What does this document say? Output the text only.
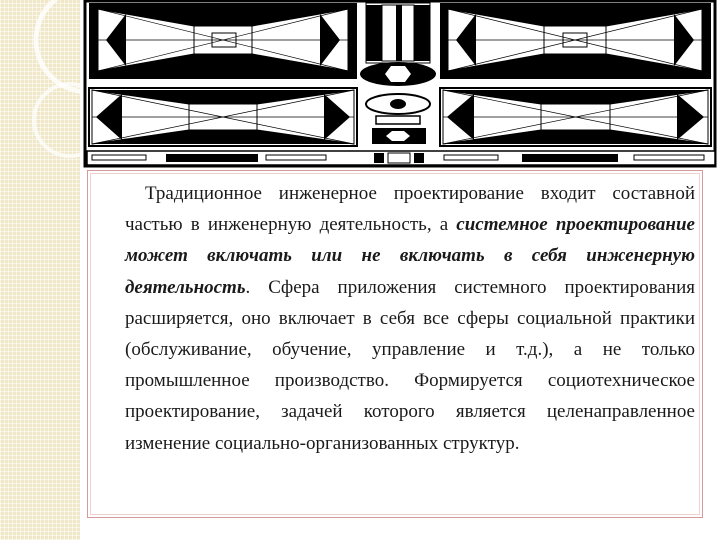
Традиционное инженерное проектирование входит составной частью в инженерную деятельность, а системное проектирование может включать или не включать в себя инженерную деятельность. Сфера приложения системного проектирования расширяется, оно включает в себя все сферы социальной практики (обслуживание, обучение, управление и т.д.), а не только промышленное производство. Формируется социотехническое проектирование, задачей которого является целенаправленное изменение социально-организованных структур.
